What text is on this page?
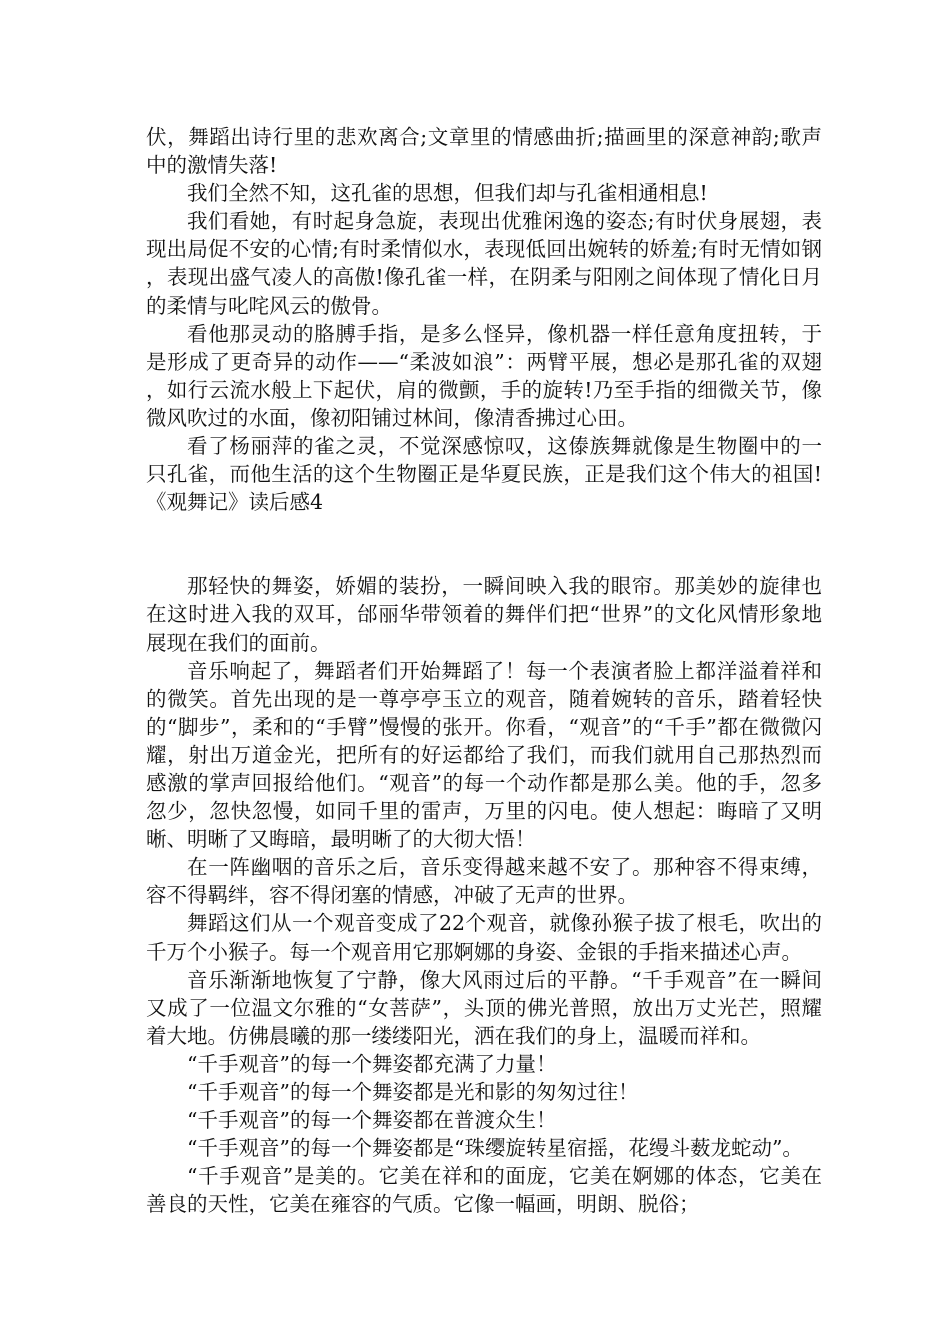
伏，舞蹈出诗行里的悲欢离合;文章里的情感曲折;描画里的深意神韵;歌声中的激情失落!

我们全然不知，这孔雀的思想，但我们却与孔雀相通相息!

我们看她，有时起身急旋，表现出优雅闲逸的姿态;有时伏身展翅，表现出局促不安的心情;有时柔情似水，表现低回出婉转的娇羞;有时无情如钢，表现出盛气凌人的高傲!像孔雀一样，在阴柔与阳刚之间体现了情化日月的柔情与叱咤风云的傲骨。

看他那灵动的胳膊手指，是多么怪异，像机器一样任意角度扭转，于是形成了更奇异的动作——“柔波如浪”：两臂平展，想必是那孔雀的双翅，如行云流水般上下起伏，肩的微颤，手的旋转!乃至手指的细微关节，像微风吹过的水面，像初阳铺过林间，像清香拂过心田。

看了杨丽萍的雀之灵，不觉深感惊叹，这傣族舞就像是生物圈中的一只孔雀，而他生活的这个生物圈正是华夏民族，正是我们这个伟大的祖国!《观舞记》读后感4

那轻快的舞姿，娇媚的装扮，一瞬间映入我的眼帘。那美妙的旋律也在这时进入我的双耳，邰丽华带领着的舞伴们把“世界”的文化风情形象地展现在我们的面前。

音乐响起了，舞蹈者们开始舞蹈了！每一个表演者脸上都洋溢着祥和的微笑。首先出现的是一尊亭亭玉立的观音，随着婉转的音乐，踏着轻快的“脚步”，柔和的“手臂”慢慢的张开。你看，“观音”的“千手”都在微微闪耀，射出万道金光，把所有的好运都给了我们，而我们就用自己那热烈而感激的掌声回报给他们。“观音”的每一个动作都是那么美。他的手，忽多忽少，忽快忽慢，如同千里的雷声，万里的闪电。使人想起：晦暗了又明晰、明晰了又晦暗，最明晰了的大彻大悟！

在一阵幽咽的音乐之后，音乐变得越来越不安了。那种容不得束缚，容不得羁绊，容不得闭塞的情感，冲破了无声的世界。

舞蹈这们从一个观音变成了22个观音，就像孙猴子拔了根毛，吹出的千万个小猴子。每一个观音用它那婀娜的身姿、金银的手指来描述心声。

音乐渐渐地恢复了宁静，像大风雨过后的平静。“千手观音”在一瞬间又成了一位温文尔雅的“女菩萨”，头顶的佛光普照，放出万丈光芒，照耀着大地。仿佛晨曦的那一缕缕阳光，洒在我们的身上，温暖而祥和。

“千手观音”的每一个舞姿都充满了力量！

“千手观音”的每一个舞姿都是光和影的匆匆过往！

“千手观音”的每一个舞姿都在普渡众生！

“千手观音”的每一个舞姿都是“珠缨旋转星宿摇，花缦斗薮龙蛇动”。

“千手观音”是美的。它美在祥和的面庞，它美在婀娜的体态，它美在善良的天性，它美在雍容的气质。它像一幅画，明朗、脱俗；
